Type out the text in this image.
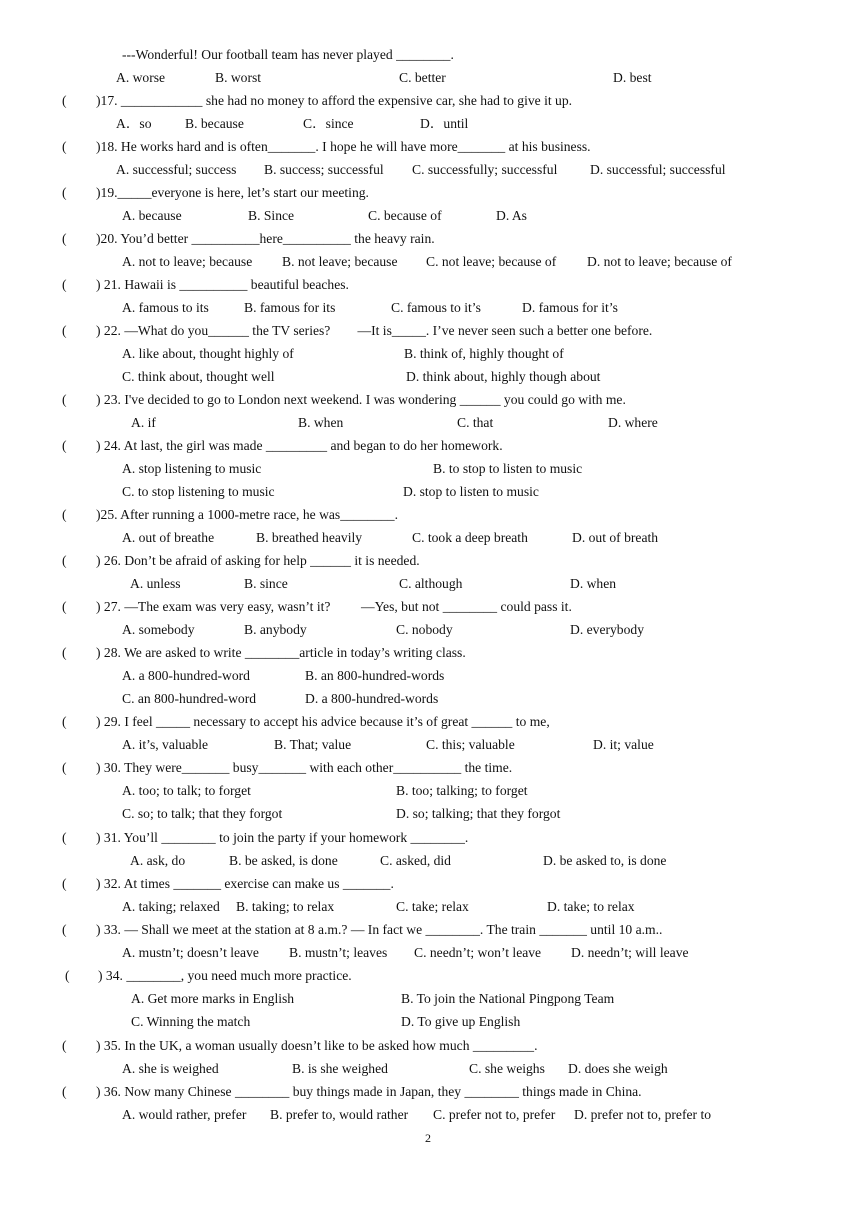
---Wonderful! Our football team has never played ________.
A. worse	B. worst	C. better	D. best
( )17. ____________ she had no money to afford the expensive car, she had to give it up.
A．so B. because	C．since	D．until
( )18. He works hard and is often_______. I hope he will have more_______ at his business.
A. successful; success B. success; successful C. successfully; successful D. successful; successful
( )19._____everyone is here, let’s start our meeting.
A. because	B. Since	C. because of	D. As
( )20. You’d better __________here__________ the heavy rain.
A. not to leave; because B. not leave; because C. not leave; because of D. not to leave; because of
( ) 21. Hawaii is __________ beautiful beaches.
A. famous to its	B. famous for its	C. famous to it’s	D. famous for it’s
( ) 22. —What do you______ the TV series?        —It is_____. I’ve never seen such a better one before.
A. like about, thought highly of	B. think of, highly thought of
C. think about, thought well	D. think about, highly though about
( ) 23. I've decided to go to London next weekend. I was wondering ______ you could go with me.
A. if	B. when	C. that	D. where
( ) 24. At last, the girl was made _________ and began to do her homework.
A. stop listening to music	B. to stop to listen to music
C. to stop listening to music	D. stop to listen to music
( )25. After running a 1000-metre race, he was________.
A. out of breathe	B. breathed heavily	C. took a deep breath	D. out of breath
( ) 26. Don’t be afraid of asking for help ______ it is needed.
A. unless	B. since	C. although	D. when
( ) 27. —The exam was very easy, wasn’t it?         —Yes, but not ________ could pass it.
A. somebody	B. anybody	C. nobody	D. everybody
( ) 28. We are asked to write ________article in today’s writing class.
A. a 800-hundred-word	B. an 800-hundred-words
C. an 800-hundred-word	D. a 800-hundred-words
( ) 29. I feel _____ necessary to accept his advice because it’s of great ______ to me,
A. it’s, valuable	B. That; value	C. this; valuable	D. it; value
( ) 30. They were_______ busy_______ with each other__________ the time.
A. too; to talk; to forget	B. too; talking; to forget
C. so; to talk; that they forgot	D. so; talking; that they forgot
( ) 31. You’ll ________ to join the party if your homework ________.
A. ask, do	B. be asked, is done	C. asked, did	D. be asked to, is done
( ) 32. At times _______ exercise can make us _______.
A. taking; relaxed B. taking; to relax	C. take; relax	D. take; to relax
( ) 33. — Shall we meet at the station at 8 a.m.? — In fact we ________. The train _______ until 10 a.m..
A. mustn’t; doesn’t leave B. mustn’t; leaves C. needn’t; won’t leave D. needn’t; will leave
( ) 34. ________, you need much more practice.
A. Get more marks in English	B. To join the National Pingpong Team
C. Winning the match	D. To give up English
( ) 35. In the UK, a woman usually doesn’t like to be asked how much _________.
A. she is weighed	B. is she weighed	C. she weighs D. does she weigh
( ) 36. Now many Chinese ________ buy things made in Japan, they ________ things made in China.
A. would rather, prefer B. prefer to, would rather C. prefer not to, prefer D. prefer not to, prefer to
2
